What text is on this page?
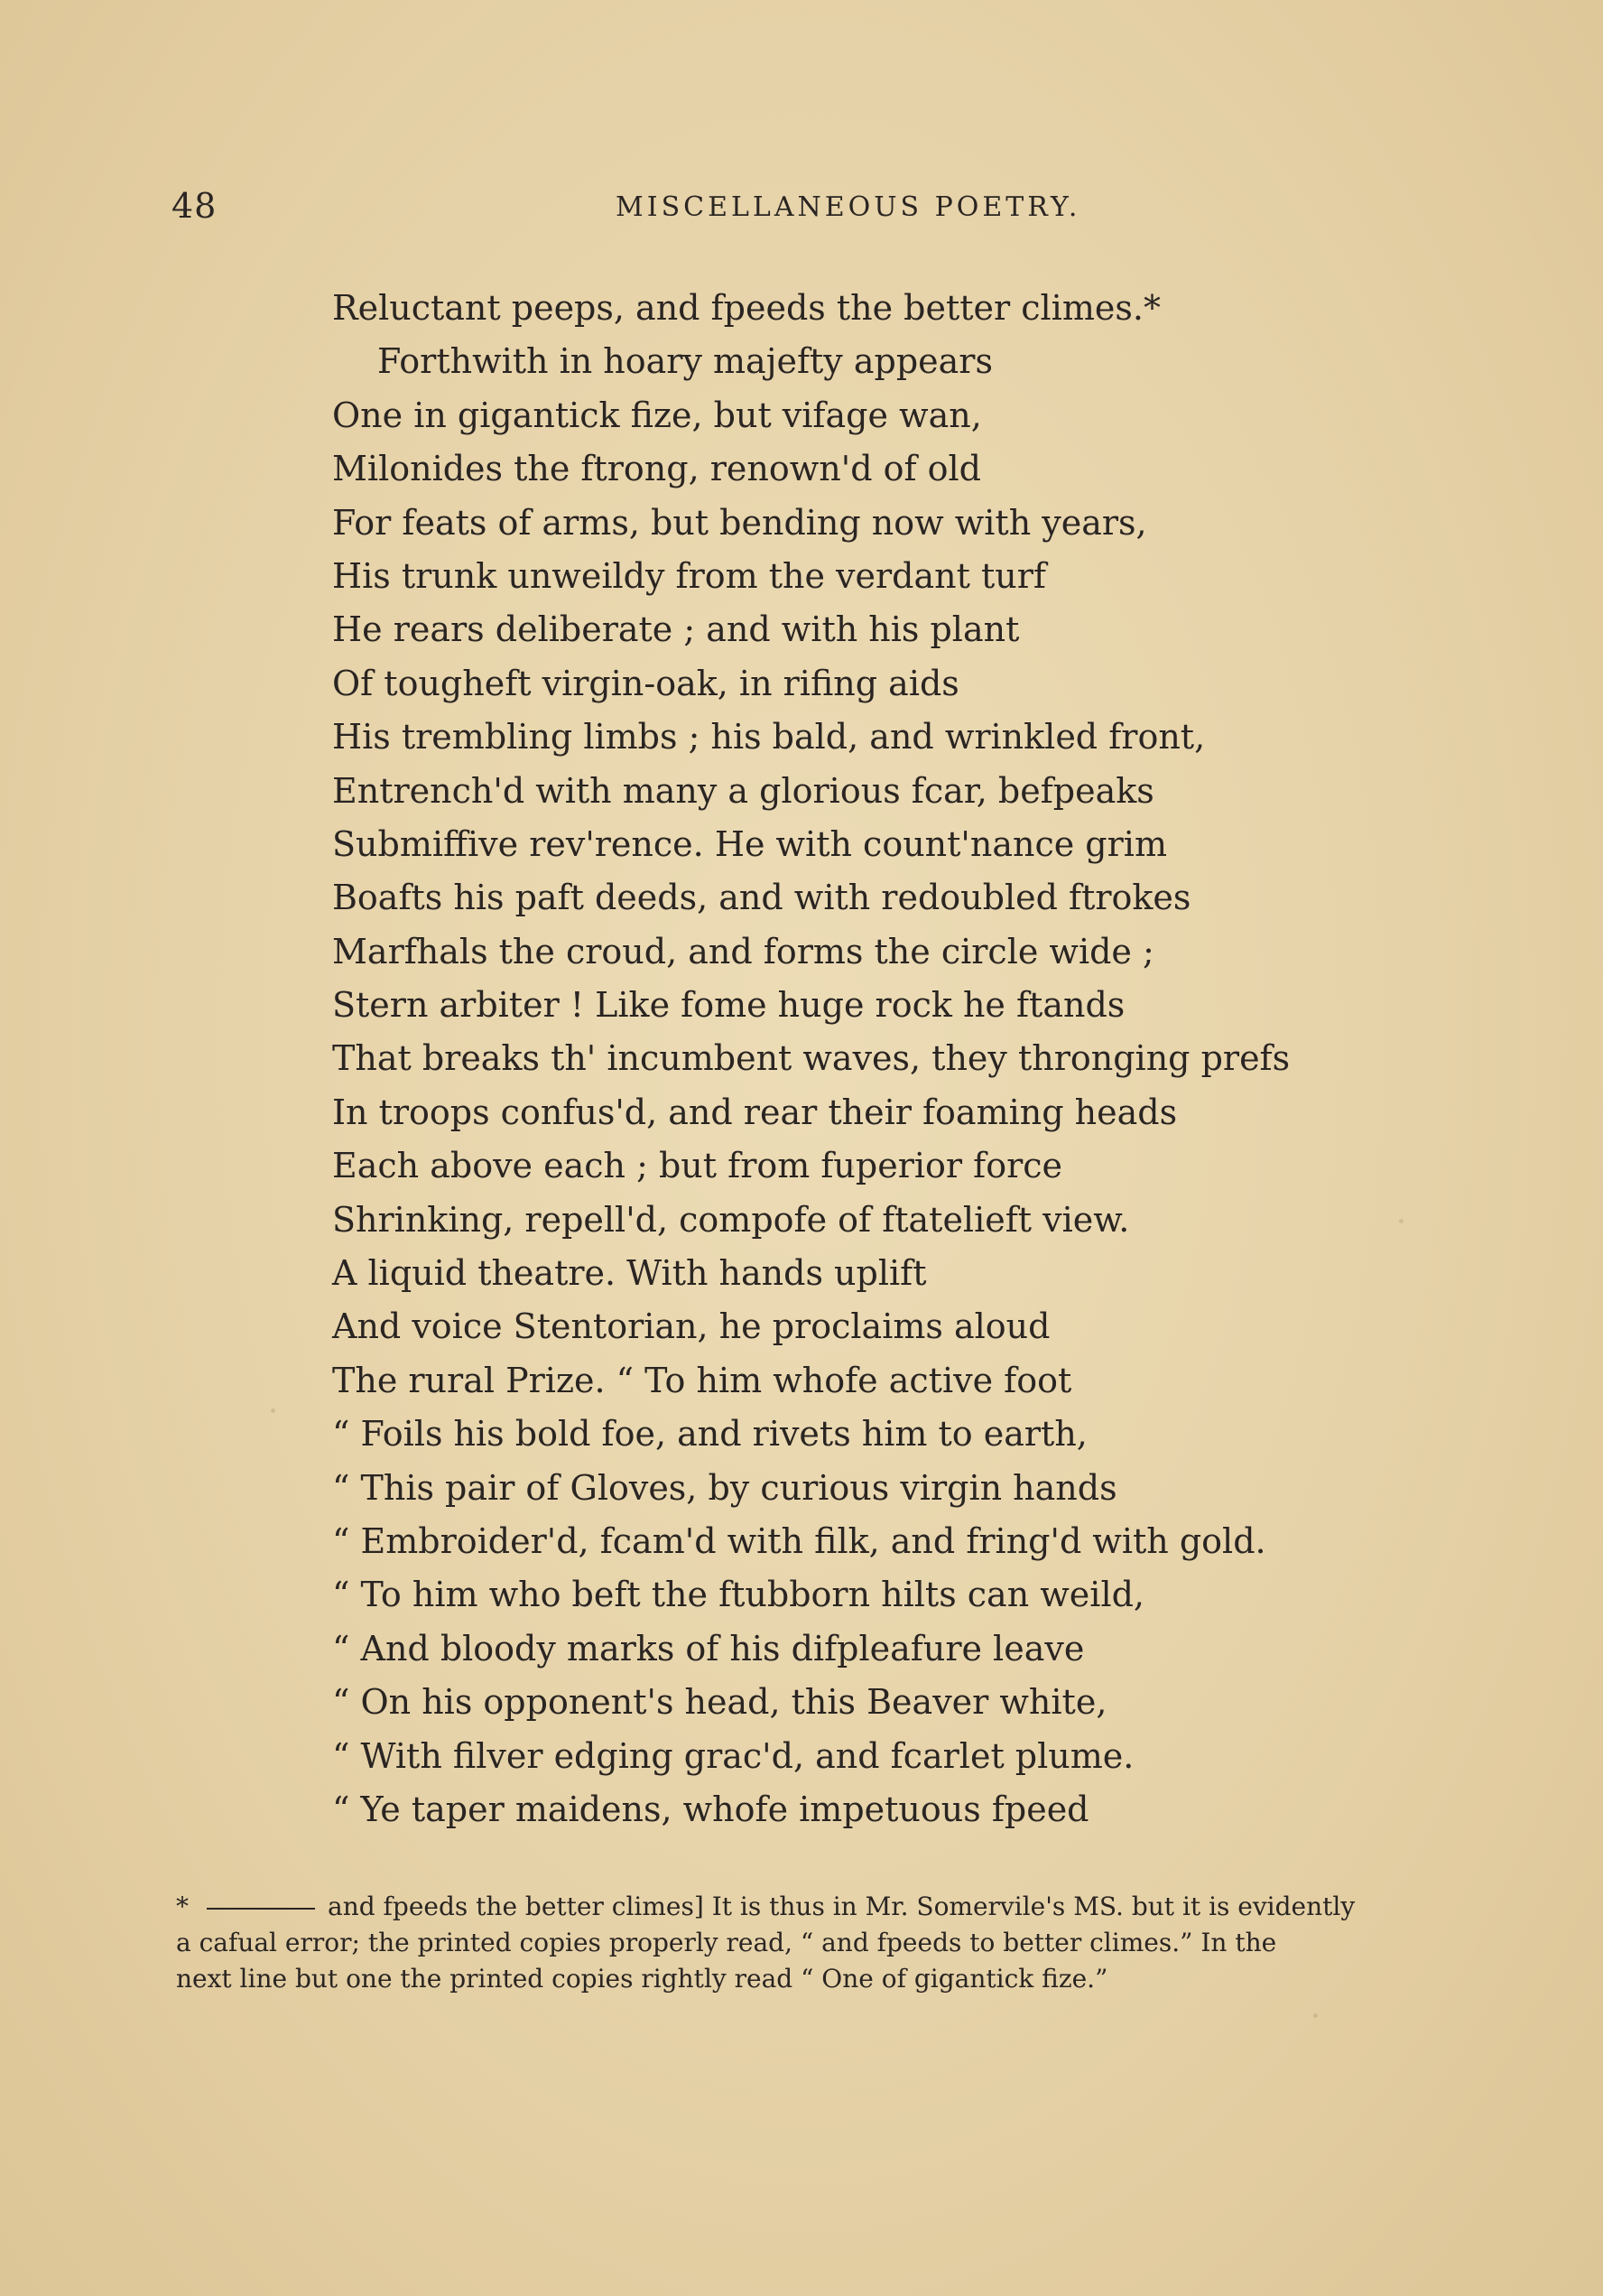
48	MISCELLANEOUS POETRY.
Reluctant peeps, and fpeeds the better climes.*
Forthwith in hoary majefty appears
One in gigantick fize, but vifage wan,
Milonides the ftrong, renown'd of old
For feats of arms, but bending now with years,
His trunk unweildy from the verdant turf
He rears deliberate ; and with his plant
Of tougheft virgin-oak, in rifing aids
His trembling limbs ; his bald, and wrinkled front,
Entrench'd with many a glorious fcar, befpeaks
Submiffive rev'rence. He with count'nance grim
Boafts his paft deeds, and with redoubled ftrokes
Marfhals the croud, and forms the circle wide ;
Stern arbiter ! Like fome huge rock he ftands
That breaks th' incumbent waves, they thronging prefs
In troops confus'd, and rear their foaming heads
Each above each ; but from fuperior force
Shrinking, repell'd, compofe of ftatelieft view.
A liquid theatre. With hands uplift
And voice Stentorian, he proclaims aloud
The rural Prize. “ To him whofe active foot
“ Foils his bold foe, and rivets him to earth,
“ This pair of Gloves, by curious virgin hands
“ Embroider'd, fcam'd with filk, and fring'd with gold.
“ To him who beft the ftubborn hilts can weild,
“ And bloody marks of his difpleafure leave
“ On his opponent's head, this Beaver white,
“ With filver edging grac'd, and fcarlet plume.
“ Ye taper maidens, whofe impetuous fpeed

*	and fpeeds the better climes] It is thus in Mr. Somervile's MS. but it is evidently

a cafual error; the printed copies properly read, “ and fpeeds to better climes.” In the

next line but one the printed copies rightly read “ One of gigantick fize.”
